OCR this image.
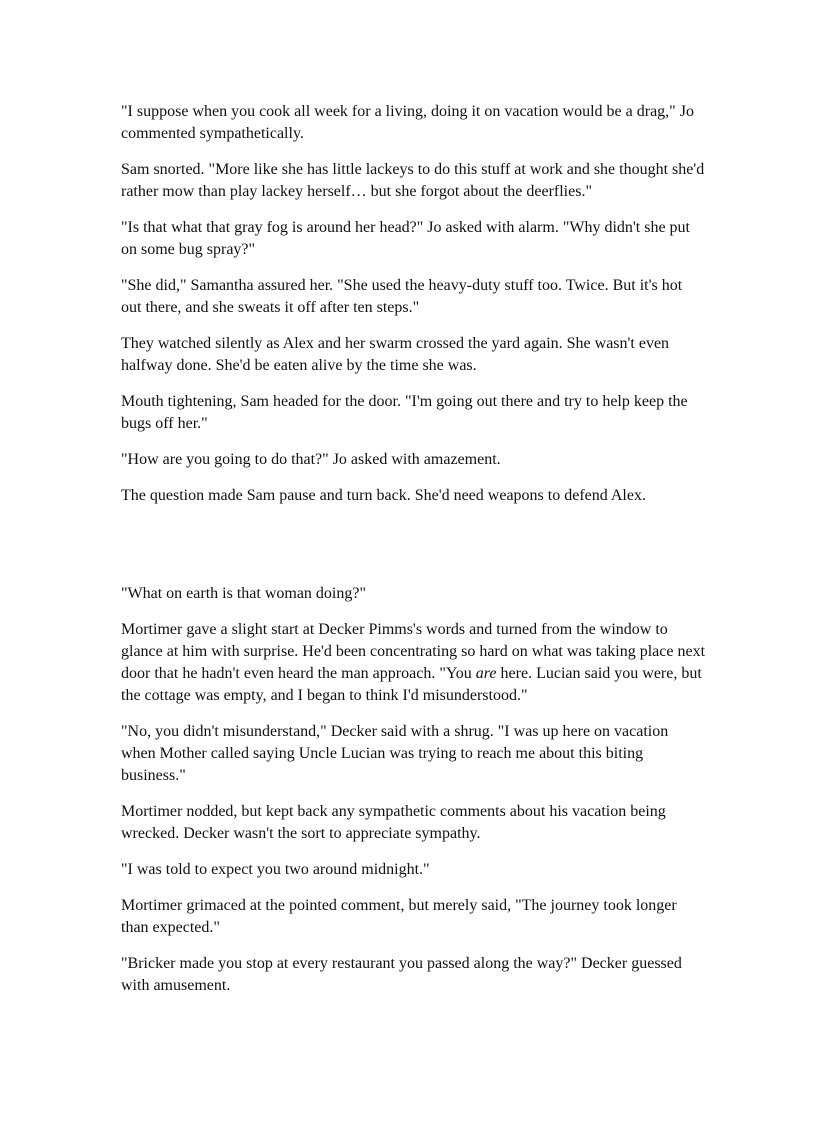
"I suppose when you cook all week for a living, doing it on vacation would be a drag," Jo commented sympathetically.

Sam snorted. "More like she has little lackeys to do this stuff at work and she thought she'd rather mow than play lackey herself… but she forgot about the deerflies."

"Is that what that gray fog is around her head?" Jo asked with alarm. "Why didn't she put on some bug spray?"

"She did," Samantha assured her. "She used the heavy-duty stuff too. Twice. But it's hot out there, and she sweats it off after ten steps."

They watched silently as Alex and her swarm crossed the yard again. She wasn't even halfway done. She'd be eaten alive by the time she was.

Mouth tightening, Sam headed for the door. "I'm going out there and try to help keep the bugs off her."

"How are you going to do that?" Jo asked with amazement.

The question made Sam pause and turn back. She'd need weapons to defend Alex.

"What on earth is that woman doing?"

Mortimer gave a slight start at Decker Pimms's words and turned from the window to glance at him with surprise. He'd been concentrating so hard on what was taking place next door that he hadn't even heard the man approach. "You are here. Lucian said you were, but the cottage was empty, and I began to think I'd misunderstood."

"No, you didn't misunderstand," Decker said with a shrug. "I was up here on vacation when Mother called saying Uncle Lucian was trying to reach me about this biting business."

Mortimer nodded, but kept back any sympathetic comments about his vacation being wrecked. Decker wasn't the sort to appreciate sympathy.

"I was told to expect you two around midnight."

Mortimer grimaced at the pointed comment, but merely said, "The journey took longer than expected."

"Bricker made you stop at every restaurant you passed along the way?" Decker guessed with amusement.
